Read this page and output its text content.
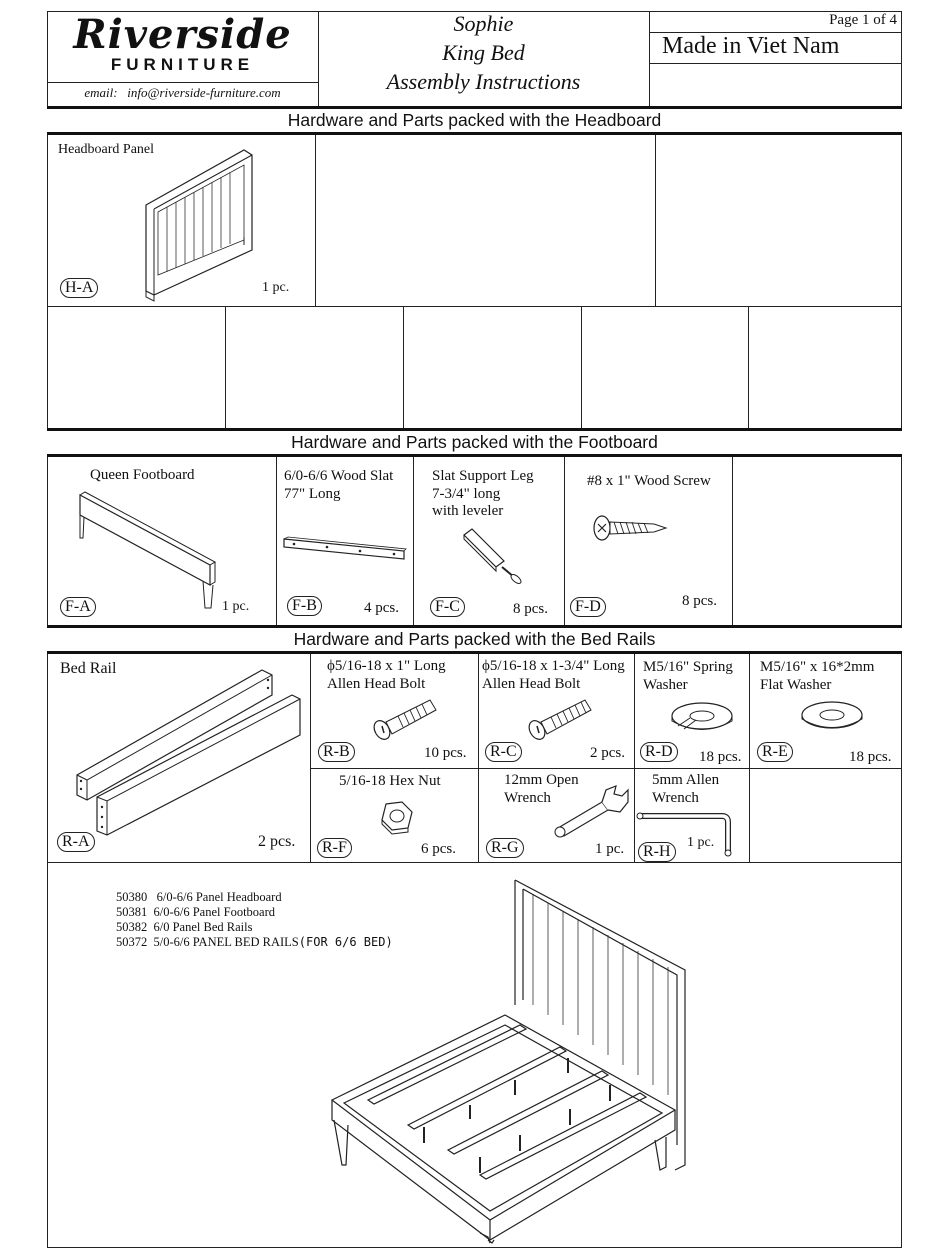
Riverside
FURNITURE
email: info@riverside-furniture.com
Sophie
King Bed
Assembly Instructions
Page 1 of 4
Made in Viet Nam
Hardware and Parts packed with the Headboard
Headboard Panel
H-A	1 pc.
Hardware and Parts packed with the Footboard
Queen Footboard
F-A	1 pc.
6/0-6/6 Wood Slat
77" Long
F-B	4 pcs.
Slat Support Leg
7-3/4" long
with leveler
F-C	8 pcs.
#8 x 1" Wood Screw
F-D	8 pcs.
Hardware and Parts packed with the Bed Rails
Bed Rail
R-A	2 pcs.
ϕ5/16-18 x 1" Long
Allen Head Bolt
R-B	10 pcs.
ϕ5/16-18 x 1-3/4" Long
Allen Head Bolt
R-C	2 pcs.
M5/16" Spring
Washer
R-D	18 pcs.
M5/16" x 16*2mm
Flat Washer
R-E	18 pcs.
5/16-18 Hex Nut
R-F	6 pcs.
12mm Open
Wrench
R-G	1 pc.
5mm Allen
Wrench
R-H
1 pc.
50380 6/0-6/6 Panel Headboard
50381 6/0-6/6 Panel Footboard
50382 6/0 Panel Bed Rails
50372 5/0-6/6 PANEL BED RAILS(FOR 6/6 BED)
